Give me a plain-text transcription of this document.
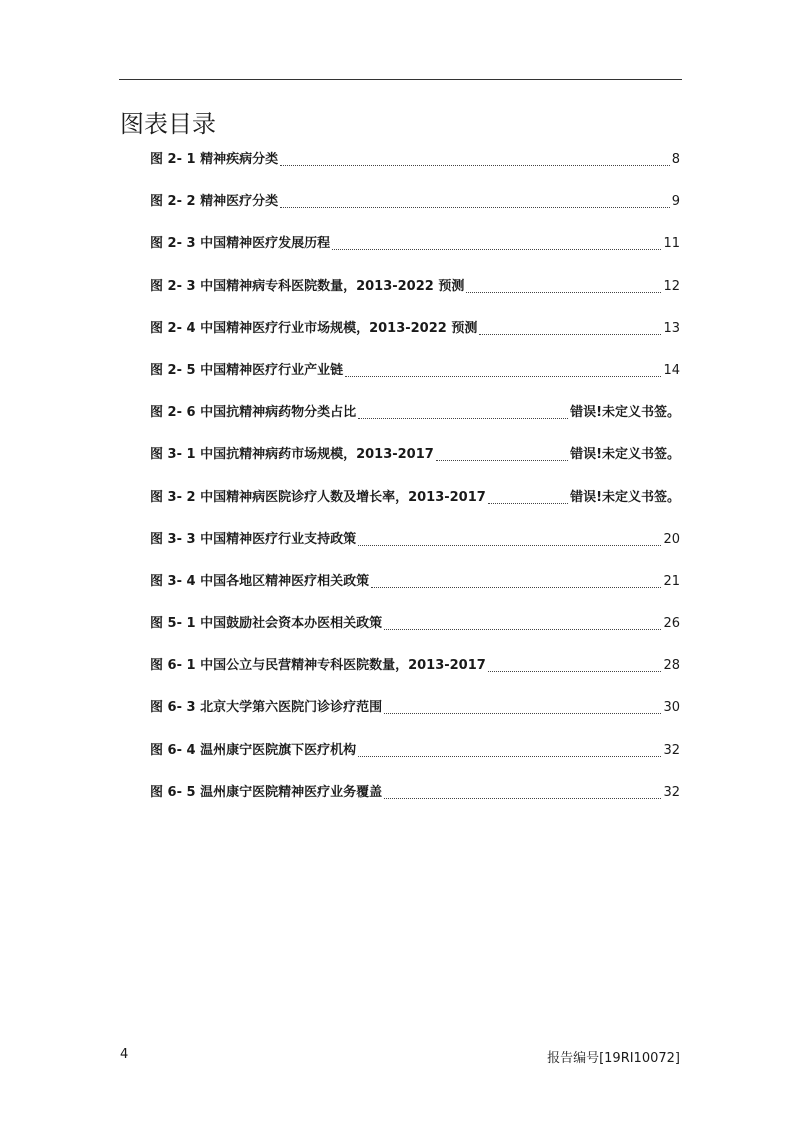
图表目录
图 2- 1 精神疾病分类	8
图 2- 2 精神医疗分类	9
图 2- 3 中国精神医疗发展历程	11
图 2- 3 中国精神病专科医院数量，2013-2022 预测	12
图 2- 4 中国精神医疗行业市场规模，2013-2022 预测	13
图 2- 5 中国精神医疗行业产业链	14
图 2- 6 中国抗精神病药物分类占比	错误!未定义书签。
图 3- 1 中国抗精神病药市场规模，2013-2017	错误!未定义书签。
图 3- 2 中国精神病医院诊疗人数及增长率，2013-2017	错误!未定义书签。
图 3- 3 中国精神医疗行业支持政策	20
图 3- 4 中国各地区精神医疗相关政策	21
图 5- 1 中国鼓励社会资本办医相关政策	26
图 6- 1 中国公立与民营精神专科医院数量，2013-2017	28
图 6- 3 北京大学第六医院门诊诊疗范围	30
图 6- 4 温州康宁医院旗下医疗机构	32
图 6- 5 温州康宁医院精神医疗业务覆盖	32
4	报告编号[19RI10072]
